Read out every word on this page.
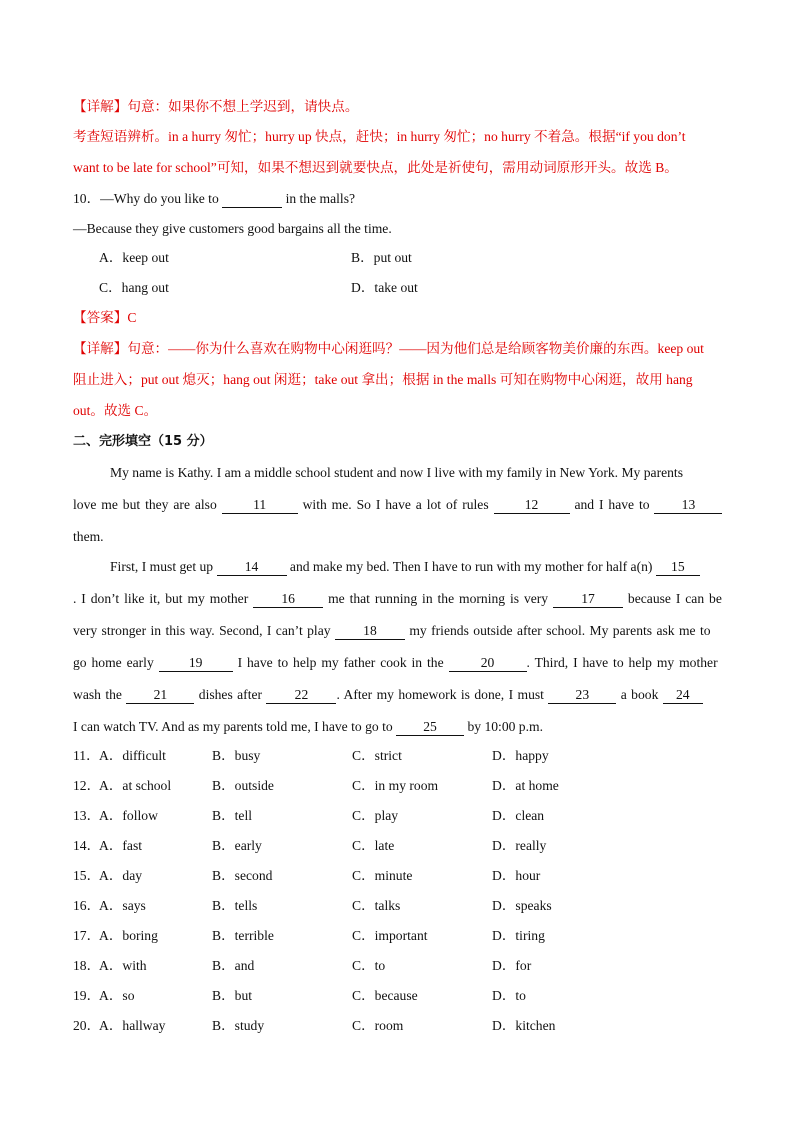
【详解】句意：如果你不想上学迟到，请快点。
考查短语辨析。in a hurry 匆忙；hurry up 快点，赶快；in hurry 匆忙；no hurry 不着急。根据“if you don’t
want to be late for school”可知，如果不想迟到就要快点，此处是祈使句，需用动词原形开头。故选 B。
10．—Why do you like to	in the malls?
—Because they give customers good bargains all the time.
A．keep out	B．put out
C．hang out	D．take out
【答案】C
【详解】句意：——你为什么喜欢在购物中心闲逛吗？——因为他们总是给顾客物美价廉的东西。keep out
阻止进入；put out 熄灭；hang out 闲逛；take out 拿出；根据 in the malls 可知在购物中心闲逛，故用 hang
out。故选 C。
二、完形填空（15 分）
My name is Kathy. I am a middle school student and now I live with my family in New York. My parents
love me but they are also	11	with me. So I have a lot of rules	12	and I have to 13
them.
First, I must get up 14 and make my bed. Then I have to run with my mother for half a(n) 15
. I don’t like it, but my mother 16 me that running in the morning is very 17 because I can be
very stronger in this way. Second, I can’t play 18 my friends outside after school. My parents ask me to
go home early	19	I have to help my father cook in the	20 . Third, I have to help my mother
wash the 21 dishes after 22 . After my homework is done, I must 23 a book 24
I can watch TV. And as my parents told me, I have to go to 25 by 10:00 p.m.
11． A．difficult	B．busy	C．strict	D．happy
12．
A．at school	B．outside	C．in my room	D．at home
13．
A．follow	B．tell	C．play	D．clean
14．
A．fast	B．early	C．late	D．really
15．
A．day	B．second	C．minute	D．hour
16．
A．says	B．tells	C．talks	D．speaks
17．
A．boring	B．terrible	C．important	D．tiring
18．
A．with	B．and	C．to	D．for
19．
A．so	B．but	C．because	D．to
20．
A．hallway	B．study	C．room	D．kitchen
